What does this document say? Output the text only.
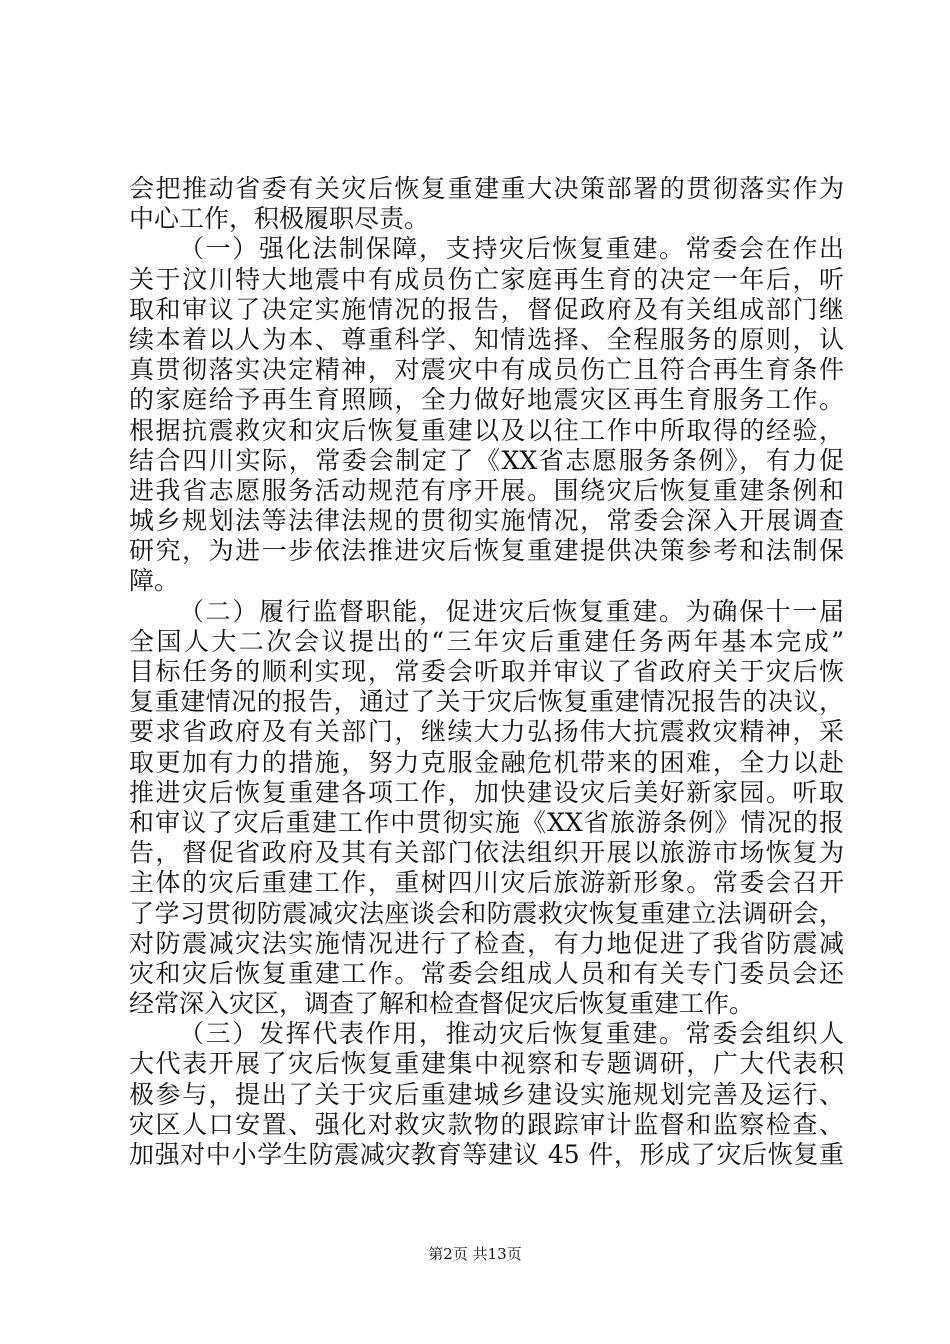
会把推动省委有关灾后恢复重建重大决策部署的贯彻落实作为
中心工作，积极履职尽责。
（一）强化法制保障，支持灾后恢复重建。常委会在作出
关于汶川特大地震中有成员伤亡家庭再生育的决定一年后，听
取和审议了决定实施情况的报告，督促政府及有关组成部门继
续本着以人为本、尊重科学、知情选择、全程服务的原则，认
真贯彻落实决定精神，对震灾中有成员伤亡且符合再生育条件
的家庭给予再生育照顾，全力做好地震灾区再生育服务工作。
根据抗震救灾和灾后恢复重建以及以往工作中所取得的经验，
结合四川实际，常委会制定了《XX省志愿服务条例》，有力促
进我省志愿服务活动规范有序开展。围绕灾后恢复重建条例和
城乡规划法等法律法规的贯彻实施情况，常委会深入开展调查
研究，为进一步依法推进灾后恢复重建提供决策参考和法制保
障。
（二）履行监督职能，促进灾后恢复重建。为确保十一届
全国人大二次会议提出的“三年灾后重建任务两年基本完成”
目标任务的顺利实现，常委会听取并审议了省政府关于灾后恢
复重建情况的报告，通过了关于灾后恢复重建情况报告的决议，
要求省政府及有关部门，继续大力弘扬伟大抗震救灾精神，采
取更加有力的措施，努力克服金融危机带来的困难，全力以赴
推进灾后恢复重建各项工作，加快建设灾后美好新家园。听取
和审议了灾后重建工作中贯彻实施《XX省旅游条例》情况的报
告，督促省政府及其有关部门依法组织开展以旅游市场恢复为
主体的灾后重建工作，重树四川灾后旅游新形象。常委会召开
了学习贯彻防震减灾法座谈会和防震救灾恢复重建立法调研会，
对防震减灾法实施情况进行了检查，有力地促进了我省防震减
灾和灾后恢复重建工作。常委会组成人员和有关专门委员会还
经常深入灾区，调查了解和检查督促灾后恢复重建工作。
（三）发挥代表作用，推动灾后恢复重建。常委会组织人
大代表开展了灾后恢复重建集中视察和专题调研，广大代表积
极参与，提出了关于灾后重建城乡建设实施规划完善及运行、
灾区人口安置、强化对救灾款物的跟踪审计监督和监察检查、
加强对中小学生防震减灾教育等建议 45 件，形成了灾后恢复重
第2页 共13页
